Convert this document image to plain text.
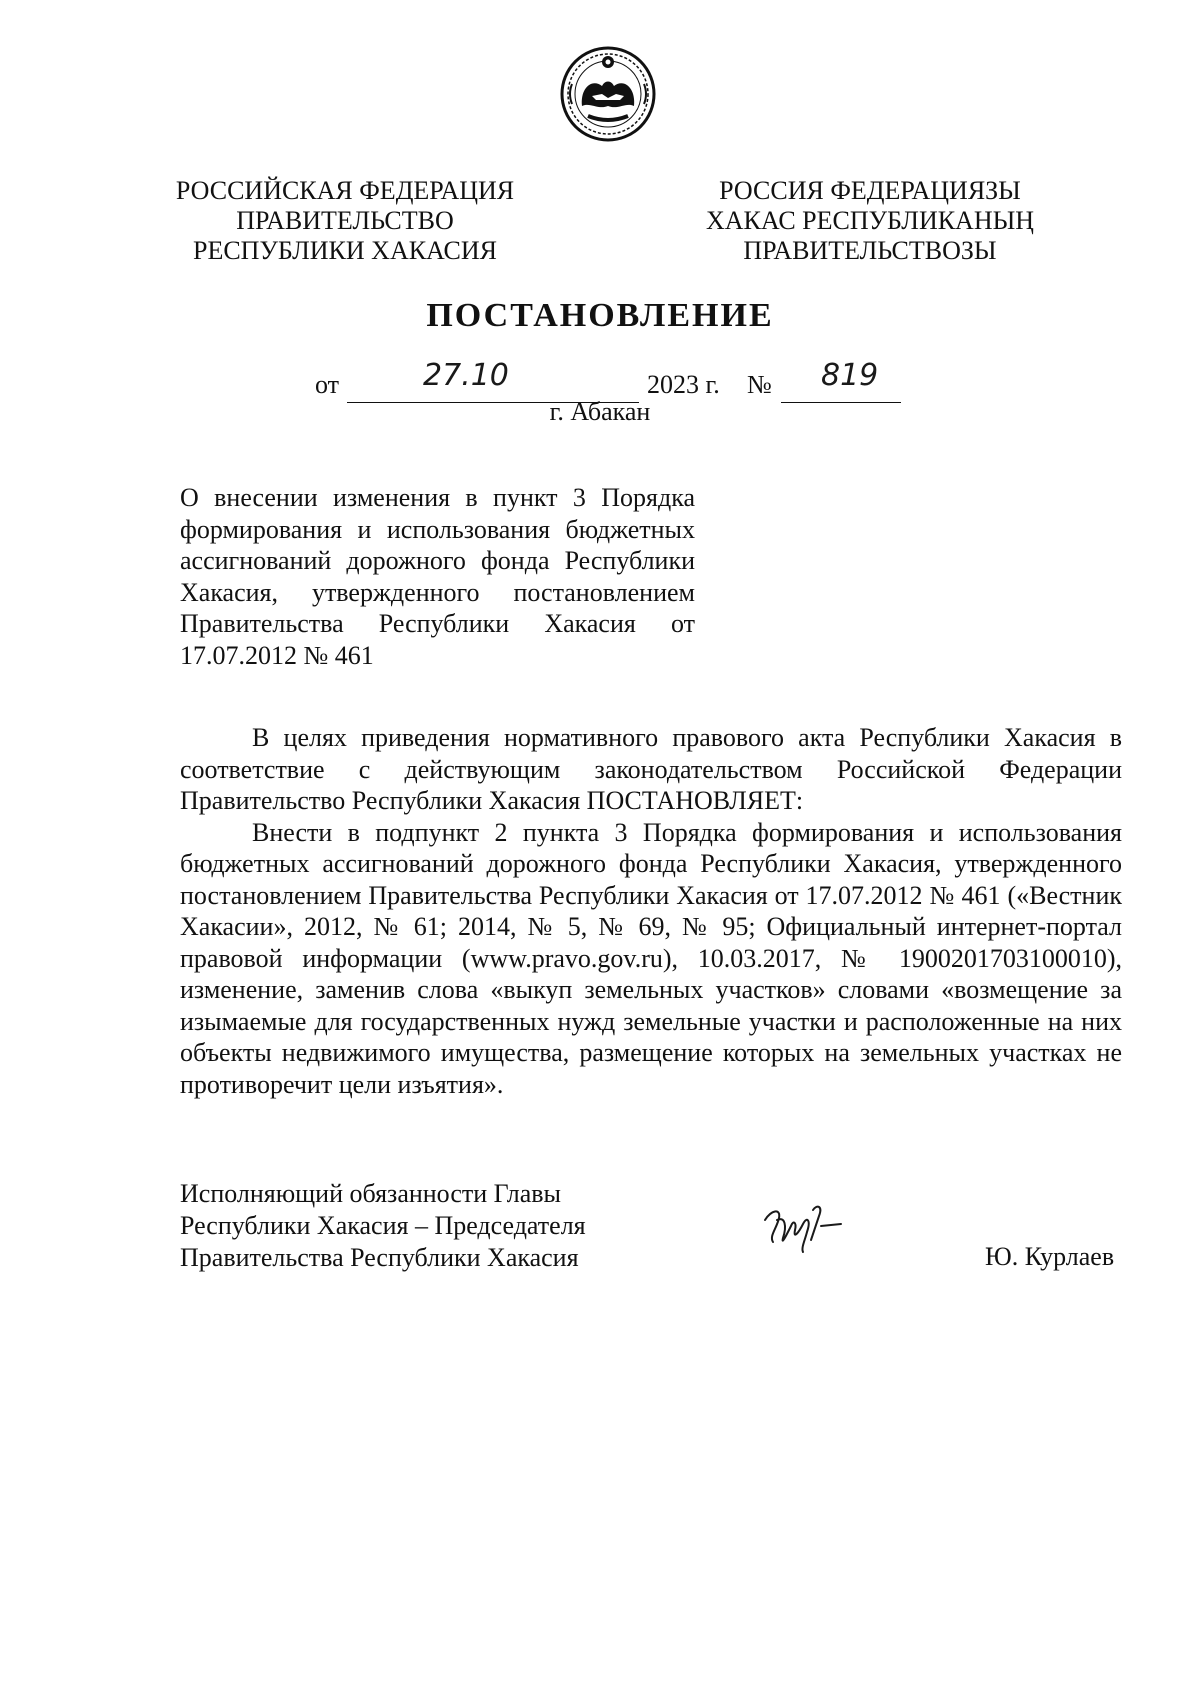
РОССИЙСКАЯ ФЕДЕРАЦИЯ
ПРАВИТЕЛЬСТВО
РЕСПУБЛИКИ ХАКАСИЯ
РОССИЯ ФЕДЕРАЦИЯЗЫ
ХАКАС РЕСПУБЛИКАНЫҢ
ПРАВИТЕЛЬСТВОЗЫ
ПОСТАНОВЛЕНИЕ
от	27.10	2023 г. № 819
г. Абакан
О внесении изменения в пункт 3 Порядка формирования и использования бюджетных ассигнований дорожного фонда Республики Хакасия, утвержденного постановлением Правительства Республики Хакасия от 17.07.2012 № 461

В целях приведения нормативного правового акта Республики Хакасия в соответствие с действующим законодательством Российской Федерации Правительство Республики Хакасия ПОСТАНОВЛЯЕТ:

Внести в подпункт 2 пункта 3 Порядка формирования и использования бюджетных ассигнований дорожного фонда Республики Хакасия, утвержденного постановлением Правительства Республики Хакасия от 17.07.2012 № 461 («Вестник Хакасии», 2012, № 61; 2014, № 5, № 69, № 95; Официальный интернет-портал правовой информации (www.pravo.gov.ru), 10.03.2017, № 1900201703100010), изменение, заменив слова «выкуп земельных участков» словами «возмещение за изымаемые для государственных нужд земельные участки и расположенные на них объекты недвижимого имущества, размещение которых на земельных участках не противоречит цели изъятия».

Исполняющий обязанности Главы
Республики Хакасия – Председателя
Правительства Республики Хакасия	Ю. Курлаев
